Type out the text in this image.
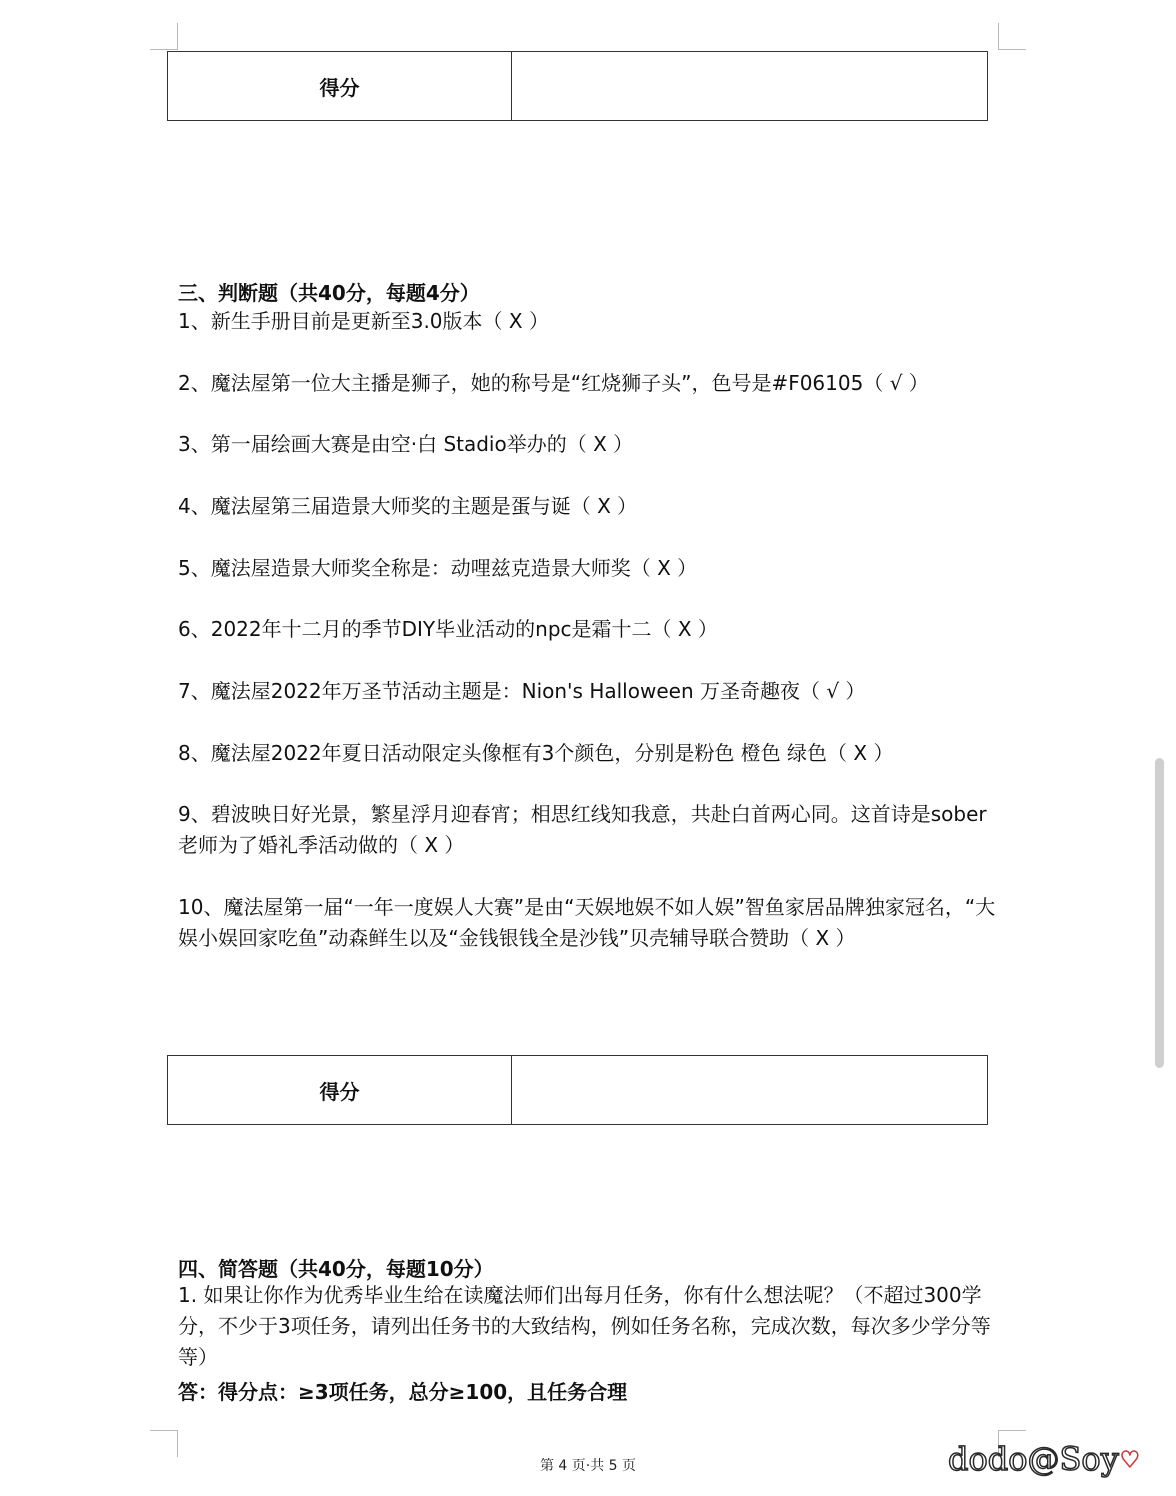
得分
三、判断题（共40分，每题4分）
1、新生手册目前是更新至3.0版本（ X ）
2、魔法屋第一位大主播是狮子，她的称号是“红烧狮子头”，色号是#F06105（ √ ）
3、第一届绘画大赛是由空·白 Stadio举办的（ X ）
4、魔法屋第三届造景大师奖的主题是蛋与诞（ X ）
5、魔法屋造景大师奖全称是：动哩兹克造景大师奖（ X ）
6、2022年十二月的季节DIY毕业活动的npc是霜十二（ X ）
7、魔法屋2022年万圣节活动主题是：Nion's Halloween 万圣奇趣夜（ √ ）
8、魔法屋2022年夏日活动限定头像框有3个颜色，分别是粉色 橙色 绿色（ X ）
9、碧波映日好光景，繁星浮月迎春宵；相思红线知我意，共赴白首两心同。这首诗是sober老师为了婚礼季活动做的（ X ）
10、魔法屋第一届“一年一度娱人大赛”是由“天娱地娱不如人娱”智鱼家居品牌独家冠名，“大娱小娱回家吃鱼”动森鲜生以及“金钱银钱全是沙钱”贝壳辅导联合赞助（ X ）
得分
四、简答题（共40分，每题10分）
1. 如果让你作为优秀毕业生给在读魔法师们出每月任务，你有什么想法呢？（不超过300学分，不少于3项任务，请列出任务书的大致结构，例如任务名称，完成次数，每次多少学分等等）
答：得分点：≥3项任务，总分≥100，且任务合理
第 4 页·共 5 页	dodo@Soy ♥
